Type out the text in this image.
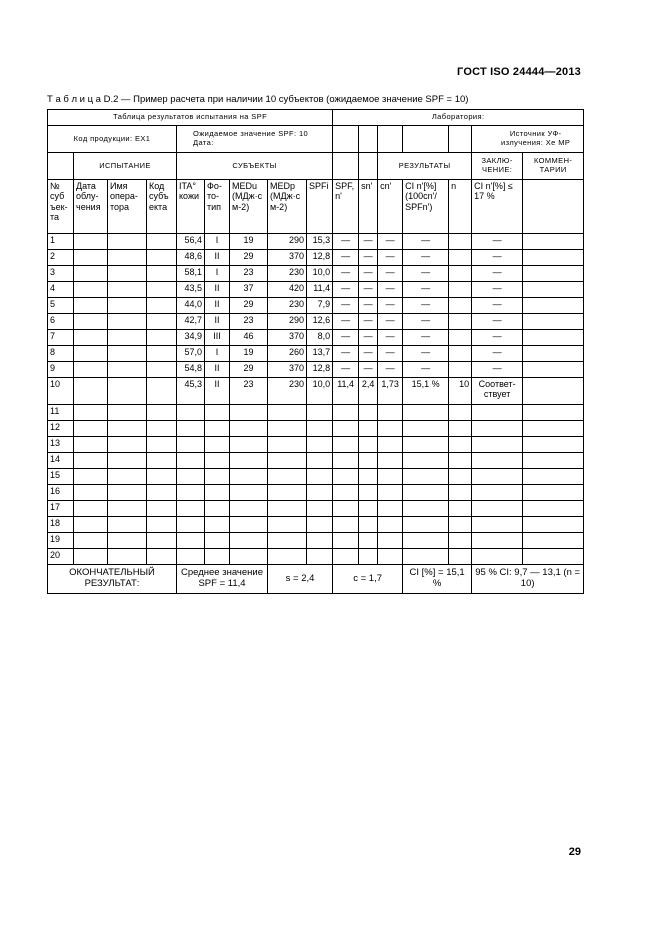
ГОСТ ISO 24444—2013
Т а б л и ц а D.2 — Пример расчета при наличии 10 субъектов (ожидаемое значение SPF = 10)
Таблица результатов испытания на SPF									Лаборатория:						
Код продукции: EX1				Ожидаемое значение SPF: 10 Дата:										Источник УФ-излучения: Xe MP	
	ИСПЫТАНИЕ			СУБЪЕКТЫ							РЕЗУЛЬТАТЫ			ЗАКЛЮ-ЧЕНИЕ:	КОММЕН-ТАРИИ
№ суб ъек-та	Дата облу-чения	Имя опера-тора	Код субъ екта	ITA° кожи	Фо-то-тип	MEDu (МДж·с м-2)	MEDp (МДж·с м-2)	SPFi	SPF, n'	sn'	cn'	CI n'[%] (100cn'/ SPFn')	n	CI n'[%] ≤ 17 %	
1				56,4	I	19	290	15,3	—	—	—	—		—	
2				48,6	II	29	370	12,8	—	—	—	—		—	
3				58,1	I	23	230	10,0	—	—	—	—		—	
4				43,5	II	37	420	11,4	—	—	—	—		—	
5				44,0	II	29	230	7,9	—	—	—	—		—	
6				42,7	II	23	290	12,6	—	—	—	—		—	
7				34,9	III	46	370	8,0	—	—	—	—		—	
8				57,0	I	19	260	13,7	—	—	—	—		—	
9				54,8	II	29	370	12,8	—	—	—	—		—	
10				45,3	II	23	230	10,0	11,4	2,4	1,73	15,1 %	10	Соответ-ствует	
11															
12															
13															
14															
15															
16															
17															
18															
19															
20															
ОКОНЧАТЕЛЬНЫЙ РЕЗУЛЬТАТ:				Среднее значение SPF = 11,4			s = 2,4		c = 1,7			CI [%] = 15,1 %		95 % CI: 9,7 — 13,1 (n = 10)	
29
